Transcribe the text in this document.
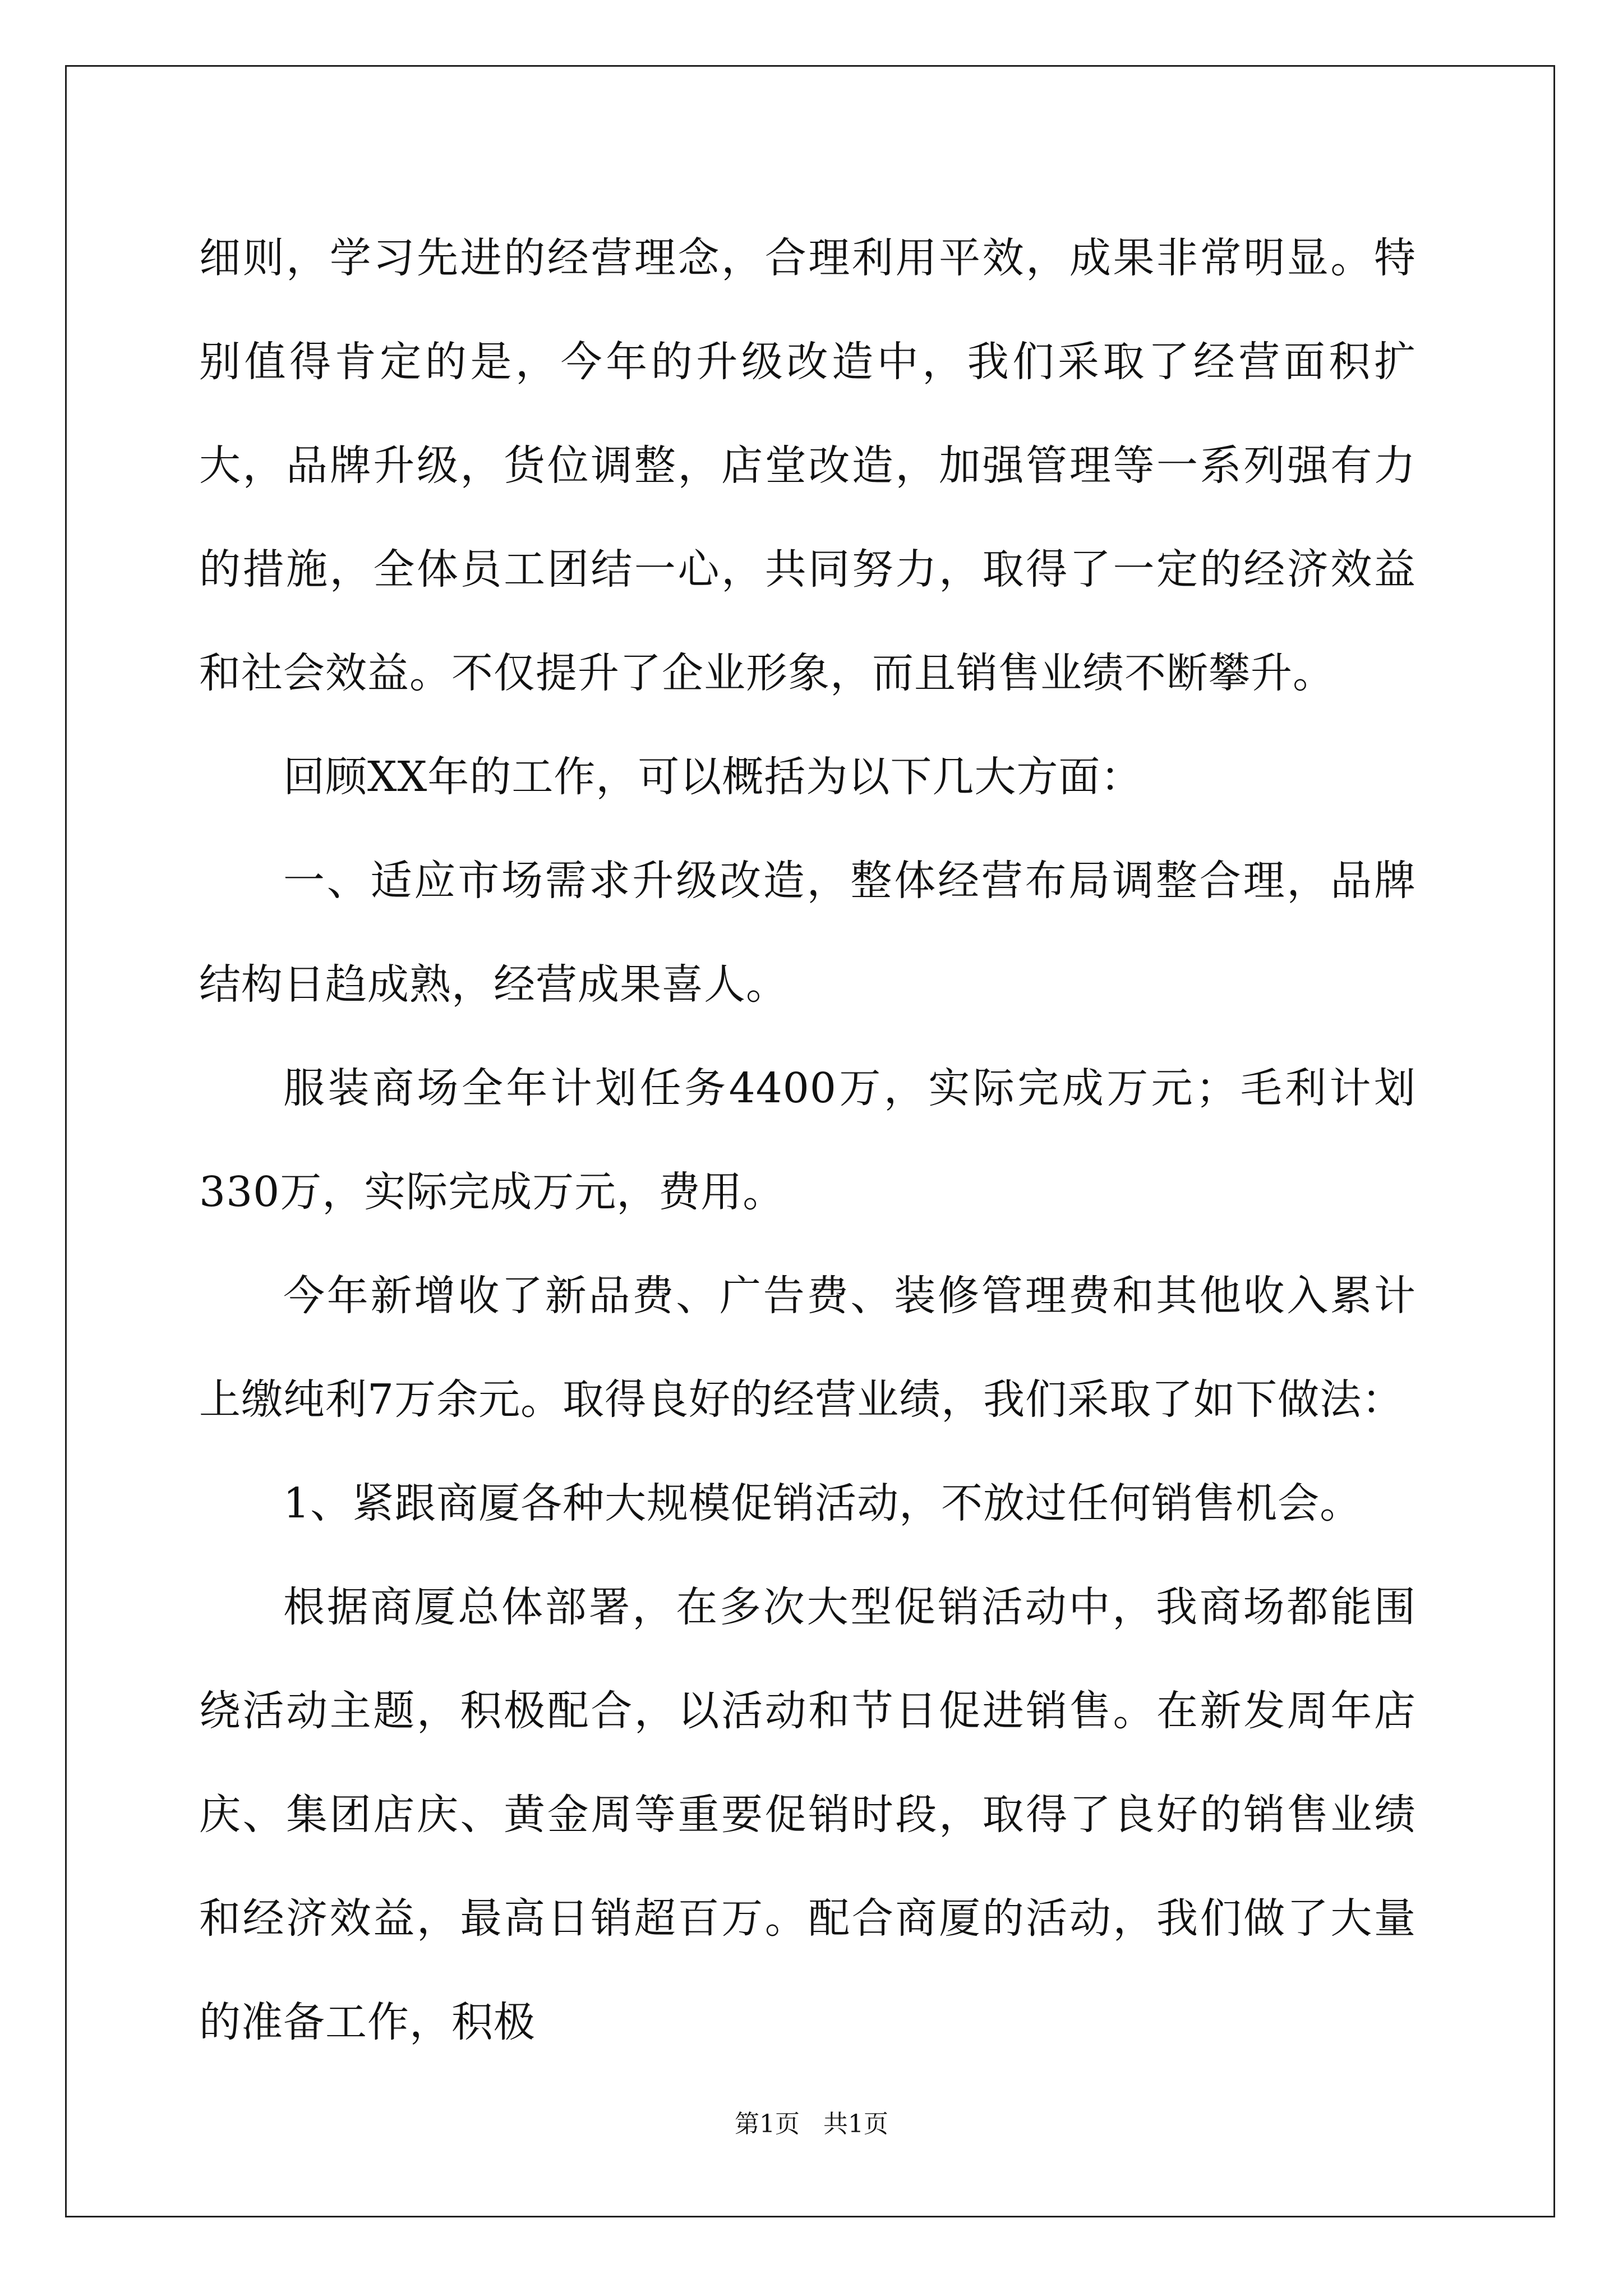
细则，学习先进的经营理念，合理利用平效，成果非常明显。特别值得肯定的是，今年的升级改造中，我们采取了经营面积扩大，品牌升级，货位调整，店堂改造，加强管理等一系列强有力的措施，全体员工团结一心，共同努力，取得了一定的经济效益和社会效益。不仅提升了企业形象，而且销售业绩不断攀升。

回顾XX年的工作，可以概括为以下几大方面：

一、适应市场需求升级改造，整体经营布局调整合理，品牌结构日趋成熟，经营成果喜人。

服装商场全年计划任务4400万，实际完成万元；毛利计划330万，实际完成万元，费用。

今年新增收了新品费、广告费、装修管理费和其他收入累计上缴纯利7万余元。取得良好的经营业绩，我们采取了如下做法：

1、紧跟商厦各种大规模促销活动，不放过任何销售机会。

根据商厦总体部署，在多次大型促销活动中，我商场都能围绕活动主题，积极配合，以活动和节日促进销售。在新发周年店庆、集团店庆、黄金周等重要促销时段，取得了良好的销售业绩和经济效益，最高日销超百万。配合商厦的活动，我们做了大量的准备工作，积极

第1页 共1页
